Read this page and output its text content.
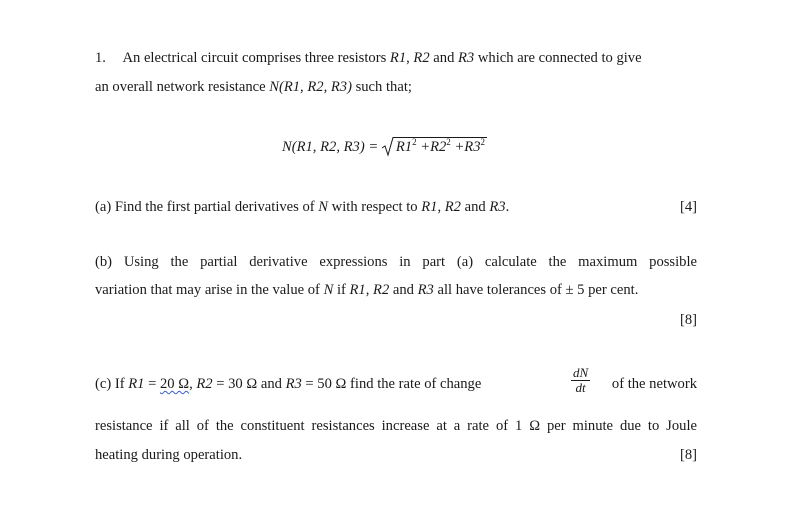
1. An electrical circuit comprises three resistors R1, R2 and R3 which are connected to give
an overall network resistance N(R1, R2, R3) such that;
N(R1, R2, $R3) = R1^2 +R2^2 +R3^2$
(a) Find the first partial derivatives of N with respect to R1, R2 and R3.	[4]
(b) Using the partial derivative expressions in part (a) calculate the maximum possible
variation that may arise in the value of N if R1, R2 and R3 all have tolerances of ± 5 per cent.
[8]
(c) If R1 = 20 Ω, R2 = 30 Ω and R3 = 50 Ω find the rate of change	$\frac{dN}{dt}$ of the network
resistance if all of the constituent resistances increase at a rate of 1 Ω per minute due to Joule
heating during operation.	[8]
